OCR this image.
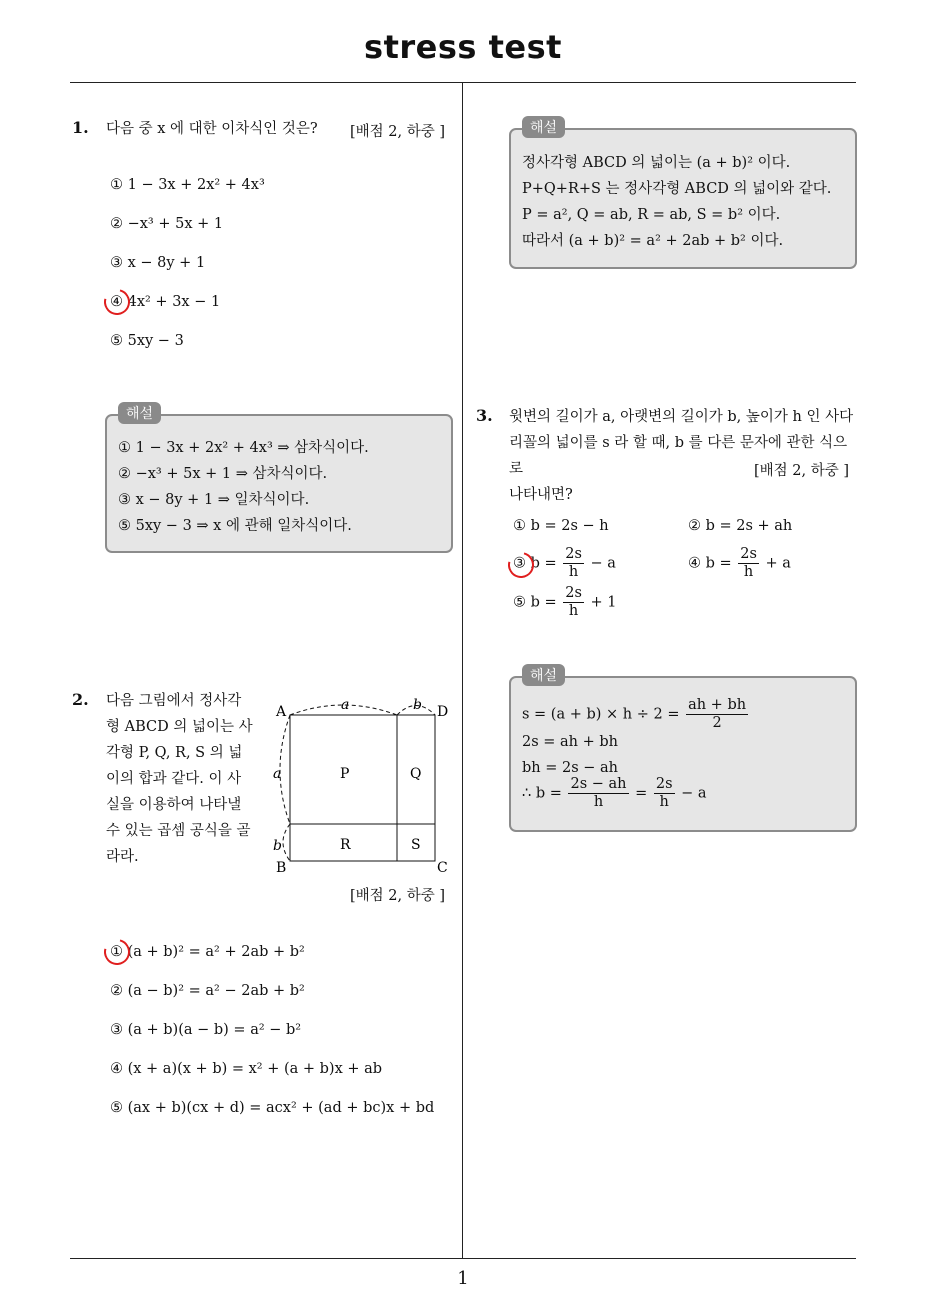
stress test
1. 다음 중 x 에 대한 이차식인 것은? [배점 2, 하중 ]
① 1 − 3x + 2x² + 4x³
② −x³ + 5x + 1
③ x − 8y + 1
④ 4x² + 3x − 1
⑤ 5xy − 3
해설
① 1 − 3x + 2x² + 4x³ ⇒ 삼차식이다.
② −x³ + 5x + 1 ⇒ 삼차식이다.
③ x − 8y + 1 ⇒ 일차식이다.
⑤ 5xy − 3 ⇒ x 에 관해 일차식이다.
2. 다음 그림에서 정사각
형 ABCD 의 넓이는 사
각형 P, Q, R, S 의 넓
이의 합과 같다. 이 사
실을 이용하여 나타낼
수 있는 곱셈 공식을 골
라라.
A	D
B	C
P	Q
R	S
a	b
a
b
[배점 2, 하중 ]
① (a + b)² = a² + 2ab + b²
② (a − b)² = a² − 2ab + b²
③ (a + b)(a − b) = a² − b²
④ (x + a)(x + b) = x² + (a + b)x + ab
⑤ (ax + b)(cx + d) = acx² + (ad + bc)x + bd
해설
정사각형 ABCD 의 넓이는 (a + b)² 이다.
P+Q+R+S 는 정사각형 ABCD 의 넓이와 같다.
P = a², Q = ab, R = ab, S = b² 이다.
따라서 (a + b)² = a² + 2ab + b² 이다.
3. 윗변의 길이가 a, 아랫변의 길이가 b, 높이가 h 인 사다
리꼴의 넓이를 s 라 할 때, b 를 다른 문자에 관한 식으로
나타내면?
[배점 2, 하중 ]
① b = 2s − h	② b = 2s + ah
③ $b = \frac{2s}{h} - a$	④ $b = \frac{2s}{h} + a$
⑤ $b = \frac{2s}{h} + 1$
해설
$s = (a + b) \times h \div 2 = \frac{ah + bh}{2}$
2s = ah + bh
bh = 2s − ah
∴ $b = \frac{2s - ah}{h} = \frac{2s}{h} - a$
1
